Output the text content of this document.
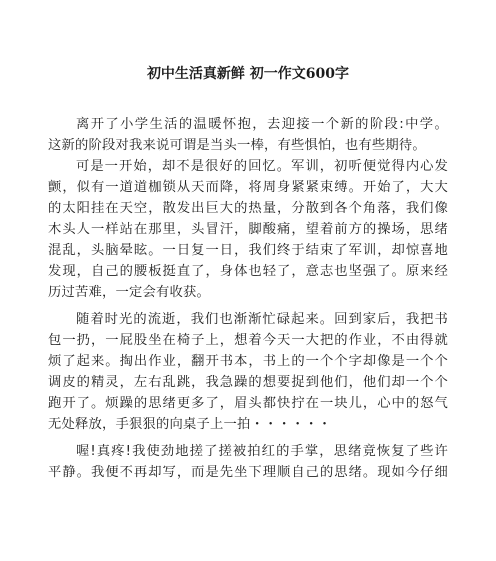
初中生活真新鲜 初一作文600字
离开了小学生活的温暖怀抱，去迎接一个新的阶段:中学。
这新的阶段对我来说可谓是当头一棒，有些惧怕，也有些期待。
可是一开始，却不是很好的回忆。军训，初听便觉得内心发
颤，似有一道道枷锁从天而降，将周身紧紧束缚。开始了，大大
的太阳挂在天空，散发出巨大的热量，分散到各个角落，我们像
木头人一样站在那里，头冒汗，脚酸痛，望着前方的操场，思绪
混乱，头脑晕眩。一日复一日，我们终于结束了军训，却惊喜地
发现，自己的腰板挺直了，身体也轻了，意志也坚强了。原来经
历过苦难，一定会有收获。
随着时光的流逝，我们也渐渐忙碌起来。回到家后，我把书
包一扔，一屁股坐在椅子上，想着今天一大把的作业，不由得就
烦了起来。掏出作业，翻开书本，书上的一个个字却像是一个个
调皮的精灵，左右乱跳，我急躁的想要捉到他们，他们却一个个
跑开了。烦躁的思绪更多了，眉头都快拧在一块儿，心中的怒气
无处释放，手狠狠的向桌子上一拍・・・・・・
喔!真疼!我使劲地搓了搓被拍红的手掌，思绪竟恢复了些许
平静。我便不再却写，而是先坐下理顺自己的思绪。现如今仔细
